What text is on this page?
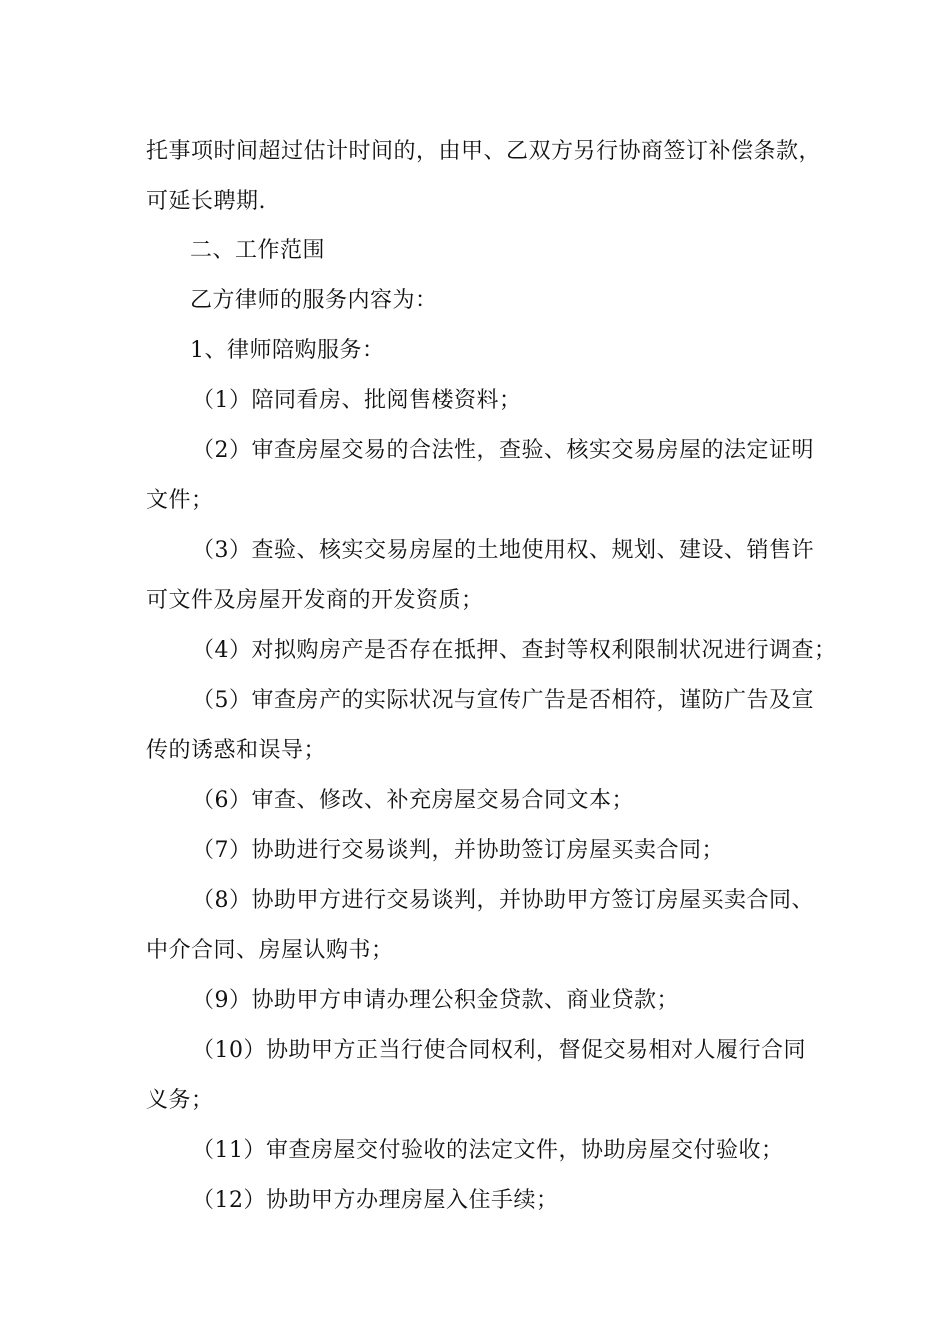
托事项时间超过估计时间的，由甲、乙双方另行协商签订补偿条款，
可延长聘期.
二、工作范围
乙方律师的服务内容为：
1、律师陪购服务：
（1）陪同看房、批阅售楼资料；
（2）审查房屋交易的合法性，查验、核实交易房屋的法定证明
文件；
（3）查验、核实交易房屋的土地使用权、规划、建设、销售许
可文件及房屋开发商的开发资质；
（4）对拟购房产是否存在抵押、查封等权利限制状况进行调查；
（5）审查房产的实际状况与宣传广告是否相符，谨防广告及宣
传的诱惑和误导；
（6）审查、修改、补充房屋交易合同文本；
（7）协助进行交易谈判，并协助签订房屋买卖合同；
（8）协助甲方进行交易谈判，并协助甲方签订房屋买卖合同、
中介合同、房屋认购书；
（9）协助甲方申请办理公积金贷款、商业贷款；
（10）协助甲方正当行使合同权利，督促交易相对人履行合同
义务；
（11）审查房屋交付验收的法定文件，协助房屋交付验收；
（12）协助甲方办理房屋入住手续；
